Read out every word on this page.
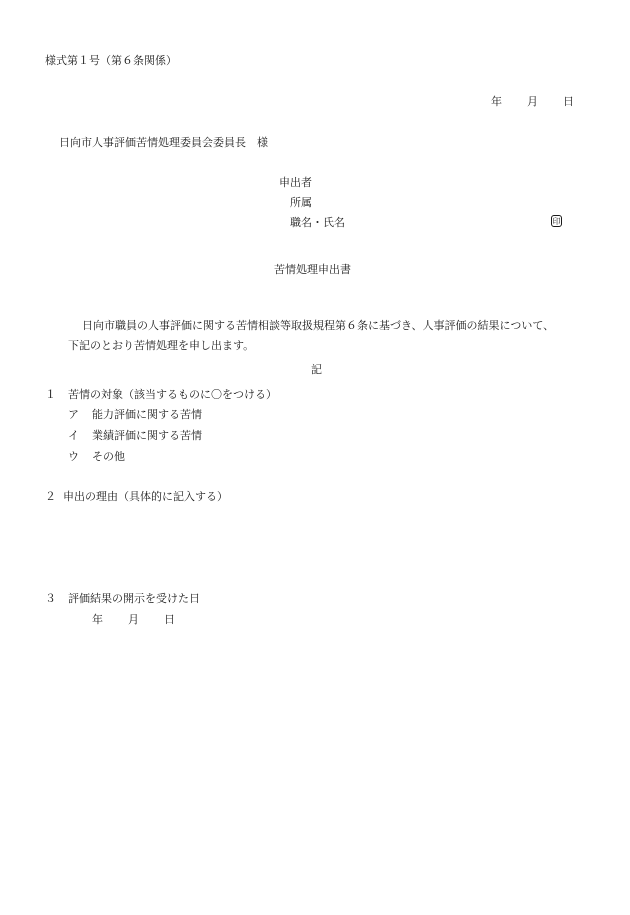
様式第１号（第６条関係）
年 月 日
日向市人事評価苦情処理委員会委員長　様
申出者
所属
職名・氏名	印
苦情処理申出書
日向市職員の人事評価に関する苦情相談等取扱規程第６条に基づき、人事評価の結果について、
下記のとおり苦情処理を申し出ます。
記
１ 苦情の対象（該当するものに〇をつける）
ア 能力評価に関する苦情
イ 業績評価に関する苦情
ウ その他
２ 申出の理由（具体的に記入する）
３ 評価結果の開示を受けた日
年 月 日
